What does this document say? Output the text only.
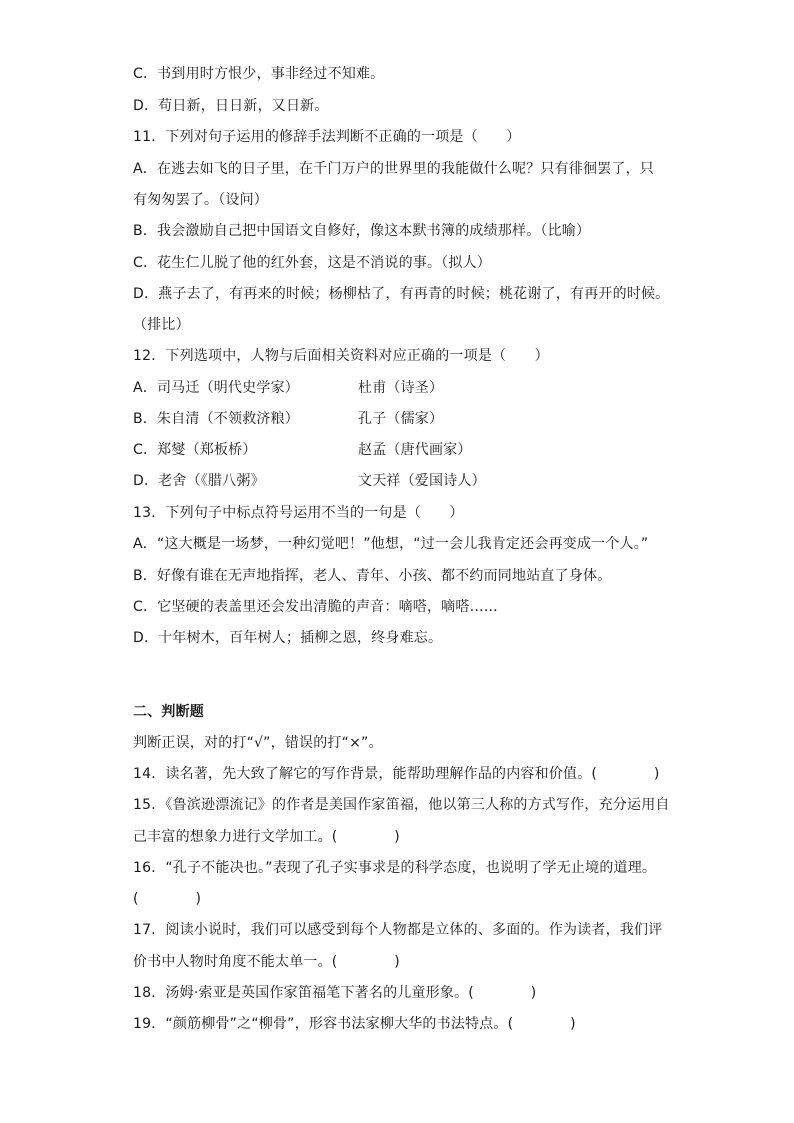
C．书到用时方恨少，事非经过不知难。
D．苟日新，日日新，又日新。
11．下列对句子运用的修辞手法判断不正确的一项是（　　）
A．在逃去如飞的日子里，在千门万户的世界里的我能做什么呢？只有徘徊罢了，只
有匆匆罢了。（设问）
B．我会激励自己把中国语文自修好，像这本默书簿的成绩那样。（比喻）
C．花生仁儿脱了他的红外套，这是不消说的事。（拟人）
D．燕子去了，有再来的时候；杨柳枯了，有再青的时候；桃花谢了，有再开的时候。
（排比）
12．下列选项中，人物与后面相关资料对应正确的一项是（　　）
A．司马迁（明代史学家）	杜甫（诗圣）
B．朱自清（不领救济粮）	孔子（儒家）
C．郑燮（郑板桥）	赵孟（唐代画家）
D．老舍（《腊八粥》	文天祥（爱国诗人）
13．下列句子中标点符号运用不当的一句是（　　）
A．“这大概是一场梦，一种幻觉吧！”他想，“过一会儿我肯定还会再变成一个人。”
B．好像有谁在无声地指挥，老人、青年、小孩、都不约而同地站直了身体。
C．它坚硬的表盖里还会发出清脆的声音：嘀嗒，嘀嗒……
D．十年树木，百年树人；插柳之恩，终身难忘。
二、判断题
判断正误，对的打“√”，错误的打“×”。
14．读名著，先大致了解它的写作背景，能帮助理解作品的内容和价值。(　　　　)
15．《鲁滨逊漂流记》的作者是美国作家笛福，他以第三人称的方式写作，充分运用自
己丰富的想象力进行文学加工。(　　　　)
16．“孔子不能决也。”表现了孔子实事求是的科学态度，也说明了学无止境的道理。
(　　　　)
17．阅读小说时，我们可以感受到每个人物都是立体的、多面的。作为读者，我们评
价书中人物时角度不能太单一。(　　　　)
18．汤姆·索亚是英国作家笛福笔下著名的儿童形象。(　　　　)
19．“颜筋柳骨”之“柳骨”，形容书法家柳大华的书法特点。(　　　　)
